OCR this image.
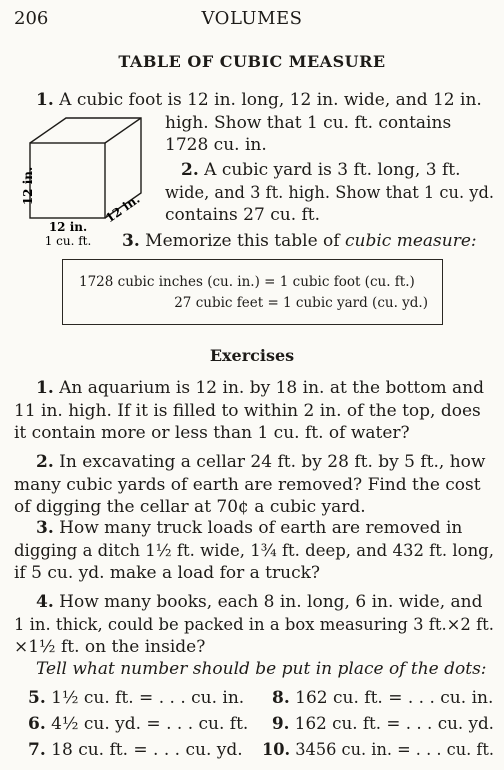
206	VOLUMES
TABLE OF CUBIC MEASURE
1. A cubic foot is 12 in. long, 12 in. wide, and 12 in.
high. Show that 1 cu. ft. contains
1728 cu. in.
12 in.
12 in.
12 in.
1 cu. ft.
2. A cubic yard is 3 ft. long, 3 ft.
wide, and 3 ft. high. Show that 1 cu. yd.
contains 27 cu. ft.
3. Memorize this table of cubic measure:
1728 cubic inches (cu. in.) = 1 cubic foot (cu. ft.)
27 cubic feet = 1 cubic yard (cu. yd.)
Exercises
1. An aquarium is 12 in. by 18 in. at the bottom and
11 in. high. If it is filled to within 2 in. of the top, does
it contain more or less than 1 cu. ft. of water?
2. In excavating a cellar 24 ft. by 28 ft. by 5 ft., how
many cubic yards of earth are removed? Find the cost
of digging the cellar at 70¢ a cubic yard.
3. How many truck loads of earth are removed in
digging a ditch 1½ ft. wide, 1¾ ft. deep, and 432 ft. long,
if 5 cu. yd. make a load for a truck?
4. How many books, each 8 in. long, 6 in. wide, and
1 in. thick, could be packed in a box measuring 3 ft.×2 ft.
×1½ ft. on the inside?
Tell what number should be put in place of the dots:
5. 1½ cu. ft. = . . . cu. in. 8. 162 cu. ft. = . . . cu. in.
6. 4½ cu. yd. = . . . cu. ft. 9. 162 cu. ft. = . . . cu. yd.
7. 18 cu. ft. = . . . cu. yd. 10. 3456 cu. in. = . . . cu. ft.
